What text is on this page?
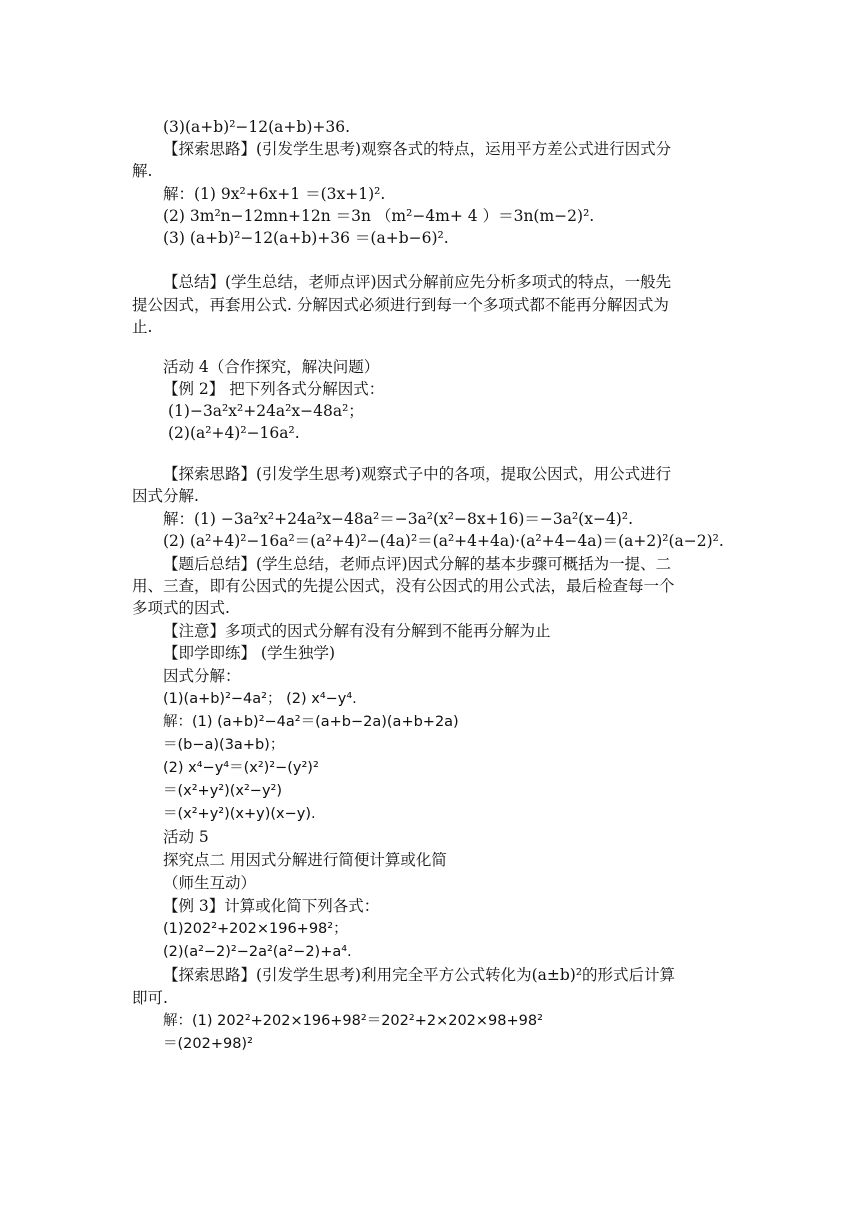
(3)(a+b)²−12(a+b)+36.
【探索思路】(引发学生思考)观察各式的特点，运用平方差公式进行因式分
解.
解：(1) 9x²+6x+1 ＝(3x+1)².
(2) 3m²n−12mn+12n ＝3n （m²−4m+ 4 ）＝3n(m−2)².
(3) (a+b)²−12(a+b)+36 ＝(a+b−6)².
【总结】(学生总结，老师点评)因式分解前应先分析多项式的特点，一般先
提公因式，再套用公式. 分解因式必须进行到每一个多项式都不能再分解因式为
止.
活动 4（合作探究，解决问题）
【例 2】 把下列各式分解因式：
(1)−3a²x²+24a²x−48a²；
(2)(a²+4)²−16a².
【探索思路】(引发学生思考)观察式子中的各项，提取公因式，用公式进行
因式分解.
解：(1) −3a²x²+24a²x−48a²＝−3a²(x²−8x+16)＝−3a²(x−4)².
(2) (a²+4)²−16a²＝(a²+4)²−(4a)²＝(a²+4+4a)·(a²+4−4a)＝(a+2)²(a−2)².
【题后总结】(学生总结，老师点评)因式分解的基本步骤可概括为一提、二
用、三查，即有公因式的先提公因式，没有公因式的用公式法，最后检查每一个
多项式的因式.
【注意】多项式的因式分解有没有分解到不能再分解为止
【即学即练】 (学生独学)
因式分解：
(1)(a+b)²−4a²； (2) x⁴−y⁴.
解：(1) (a+b)²−4a²＝(a+b−2a)(a+b+2a)
＝(b−a)(3a+b)；
(2) x⁴−y⁴＝(x²)²−(y²)²
＝(x²+y²)(x²−y²)
＝(x²+y²)(x+y)(x−y).
活动 5
探究点二 用因式分解进行简便计算或化简
（师生互动）
【例 3】计算或化简下列各式：
(1)202²+202×196+98²；
(2)(a²−2)²−2a²(a²−2)+a⁴.
【探索思路】(引发学生思考)利用完全平方公式转化为(a±b)²的形式后计算
即可.
解：(1) 202²+202×196+98²＝202²+2×202×98+98²
＝(202+98)²
